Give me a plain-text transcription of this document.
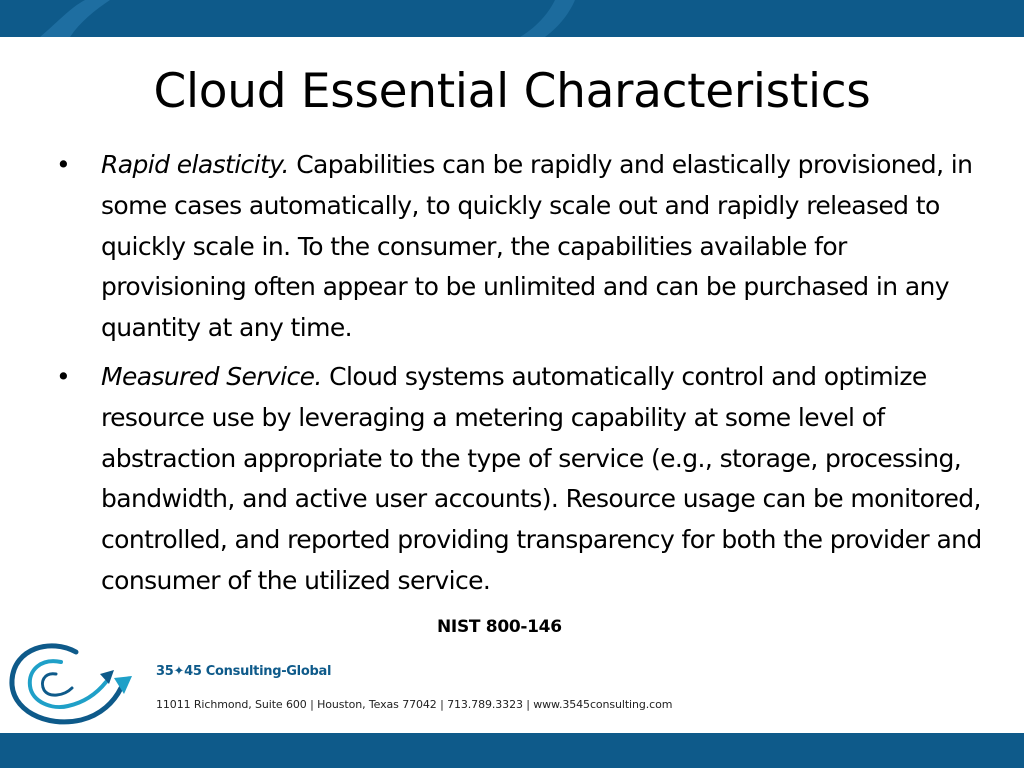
Cloud Essential Characteristics
• Rapid elasticity. Capabilities can be rapidly and elastically provisioned, in some cases automatically, to quickly scale out and rapidly released to quickly scale in. To the consumer, the capabilities available for provisioning often appear to be unlimited and can be purchased in any quantity at any time.
• Measured Service. Cloud systems automatically control and optimize resource use by leveraging a metering capability at some level of abstraction appropriate to the type of service (e.g., storage, processing, bandwidth, and active user accounts). Resource usage can be monitored, controlled, and reported providing transparency for both the provider and consumer of the utilized service.
NIST 800-146
35✦45 Consulting-Global
11011 Richmond, Suite 600 | Houston, Texas 77042 | 713.789.3323 | www.3545consulting.com
